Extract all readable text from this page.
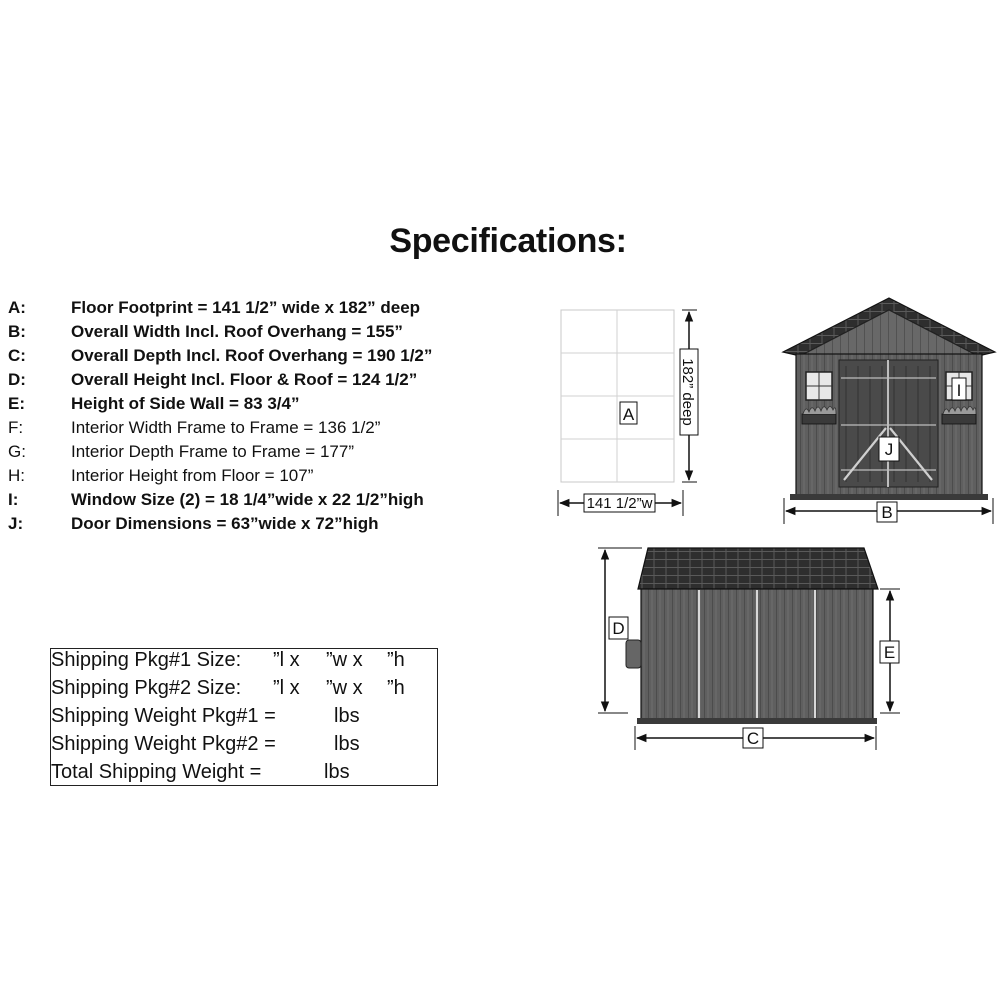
Specifications:
A:	Floor Footprint = 141 1/2” wide x 182” deep
B:	Overall Width Incl. Roof Overhang = 155”
C:	Overall Depth Incl. Roof Overhang = 190 1/2”
D:	Overall Height Incl. Floor & Roof = 124 1/2”
E:	Height of Side Wall = 83 3/4”
F:	Interior Width Frame to Frame = 136 1/2”
G:	Interior Depth Frame to Frame = 177”
H:	Interior Height from Floor = 107”
I:	Window Size (2) = 18 1/4”wide x 22 1/2”high
J:	Door Dimensions = 63”wide x 72”high
Shipping Pkg#1 Size: ”l x ”w x ”h
Shipping Pkg#2 Size: ”l x ”w x ”h
Shipping Weight Pkg#1 =	lbs
Shipping Weight Pkg#2 =	lbs
Total Shipping Weight =	lbs
A	182” deep
141 1/2”w
J
I
B
D
E
C
